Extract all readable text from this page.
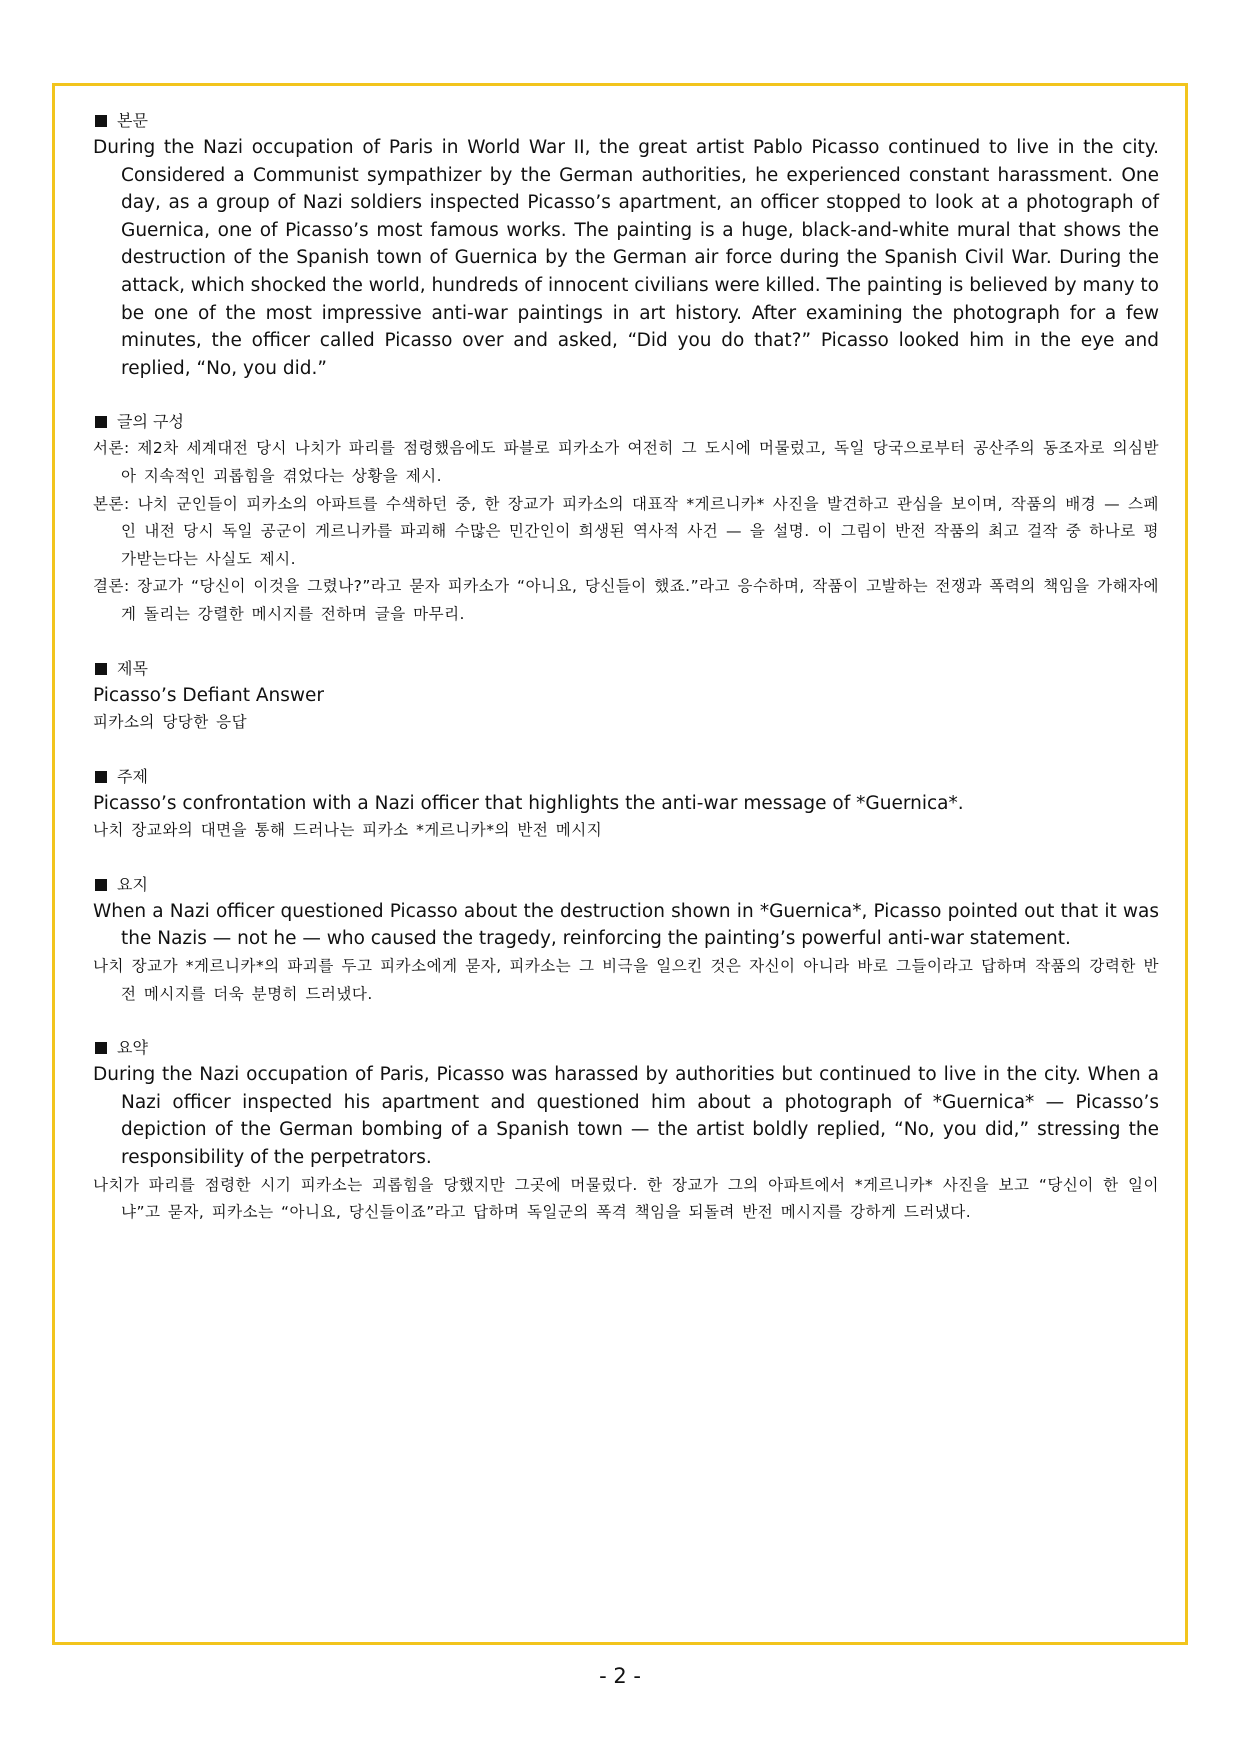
본문

During the Nazi occupation of Paris in World War II, the great artist Pablo Picasso continued to live in the city. Considered a Communist sympathizer by the German authorities, he experienced constant harassment. One day, as a group of Nazi soldiers inspected Picasso’s apartment, an officer stopped to look at a photograph of Guernica, one of Picasso’s most famous works. The painting is a huge, black-and-white mural that shows the destruction of the Spanish town of Guernica by the German air force during the Spanish Civil War. During the attack, which shocked the world, hundreds of innocent civilians were killed. The painting is believed by many to be one of the most impressive anti-war paintings in art history. After examining the photograph for a few minutes, the officer called Picasso over and asked, “Did you do that?” Picasso looked him in the eye and replied, “No, you did.”

글의 구성

서론: 제2차 세계대전 당시 나치가 파리를 점령했음에도 파블로 피카소가 여전히 그 도시에 머물렀고, 독일 당국으로부터 공산주의 동조자로 의심받아 지속적인 괴롭힘을 겪었다는 상황을 제시.

본론: 나치 군인들이 피카소의 아파트를 수색하던 중, 한 장교가 피카소의 대표작 *게르니카* 사진을 발견하고 관심을 보이며, 작품의 배경 — 스페인 내전 당시 독일 공군이 게르니카를 파괴해 수많은 민간인이 희생된 역사적 사건 — 을 설명. 이 그림이 반전 작품의 최고 걸작 중 하나로 평가받는다는 사실도 제시.

결론: 장교가 “당신이 이것을 그렸나?”라고 묻자 피카소가 “아니요, 당신들이 했죠.”라고 응수하며, 작품이 고발하는 전쟁과 폭력의 책임을 가해자에게 돌리는 강렬한 메시지를 전하며 글을 마무리.

제목

Picasso’s Defiant Answer

피카소의 당당한 응답

주제

Picasso’s confrontation with a Nazi officer that highlights the anti-war message of *Guernica*.

나치 장교와의 대면을 통해 드러나는 피카소 *게르니카*의 반전 메시지

요지

When a Nazi officer questioned Picasso about the destruction shown in *Guernica*, Picasso pointed out that it was the Nazis — not he — who caused the tragedy, reinforcing the painting’s powerful anti-war statement.

나치 장교가 *게르니카*의 파괴를 두고 피카소에게 묻자, 피카소는 그 비극을 일으킨 것은 자신이 아니라 바로 그들이라고 답하며 작품의 강력한 반전 메시지를 더욱 분명히 드러냈다.

요약

During the Nazi occupation of Paris, Picasso was harassed by authorities but continued to live in the city. When a Nazi officer inspected his apartment and questioned him about a photograph of *Guernica* — Picasso’s depiction of the German bombing of a Spanish town — the artist boldly replied, “No, you did,” stressing the responsibility of the perpetrators.

나치가 파리를 점령한 시기 피카소는 괴롭힘을 당했지만 그곳에 머물렀다. 한 장교가 그의 아파트에서 *게르니카* 사진을 보고 “당신이 한 일이냐”고 묻자, 피카소는 “아니요, 당신들이죠”라고 답하며 독일군의 폭격 책임을 되돌려 반전 메시지를 강하게 드러냈다.

- 2 -
